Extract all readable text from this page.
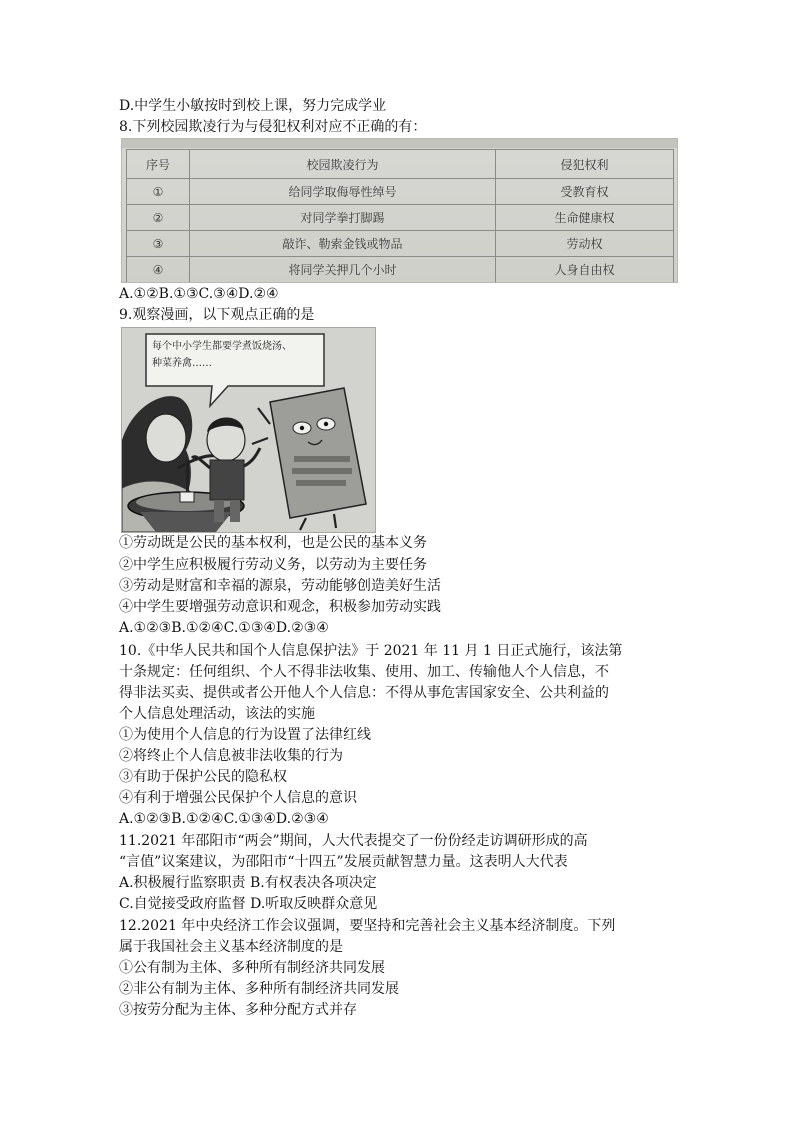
D.中学生小敏按时到校上课，努力完成学业
8.下列校园欺凌行为与侵犯权利对应不正确的有：
序号	校园欺凌行为	侵犯权利
①	给同学取侮辱性绰号	受教育权
②	对同学拳打脚踢	生命健康权
③	敲诈、勒索金钱或物品	劳动权
④	将同学关押几个小时	人身自由权
A.①②B.①③C.③④D.②④
9.观察漫画，以下观点正确的是
每个中小学生都要学煮饭烧汤、
种菜养禽……
①劳动既是公民的基本权利，也是公民的基本义务
②中学生应积极履行劳动义务，以劳动为主要任务
③劳动是财富和幸福的源泉，劳动能够创造美好生活
④中学生要增强劳动意识和观念，积极参加劳动实践
A.①②③B.①②④C.①③④D.②③④
10.《中华人民共和国个人信息保护法》于 2021 年 11 月 1 日正式施行，该法第
十条规定：任何组织、个人不得非法收集、使用、加工、传输他人个人信息，不
得非法买卖、提供或者公开他人个人信息：不得从事危害国家安全、公共利益的
个人信息处理活动，该法的实施
①为使用个人信息的行为设置了法律红线
②将终止个人信息被非法收集的行为
③有助于保护公民的隐私权
④有利于增强公民保护个人信息的意识
A.①②③B.①②④C.①③④D.②③④
11.2021 年邵阳市“两会”期间，人大代表提交了一份份经走访调研形成的高
“言值”议案建议，为邵阳市“十四五”发展贡献智慧力量。这表明人大代表
A.积极履行监察职责 B.有权表决各项决定
C.自觉接受政府监督 D.听取反映群众意见
12.2021 年中央经济工作会议强调，要坚持和完善社会主义基本经济制度。下列
属于我国社会主义基本经济制度的是
①公有制为主体、多种所有制经济共同发展
②非公有制为主体、多种所有制经济共同发展
③按劳分配为主体、多种分配方式并存
